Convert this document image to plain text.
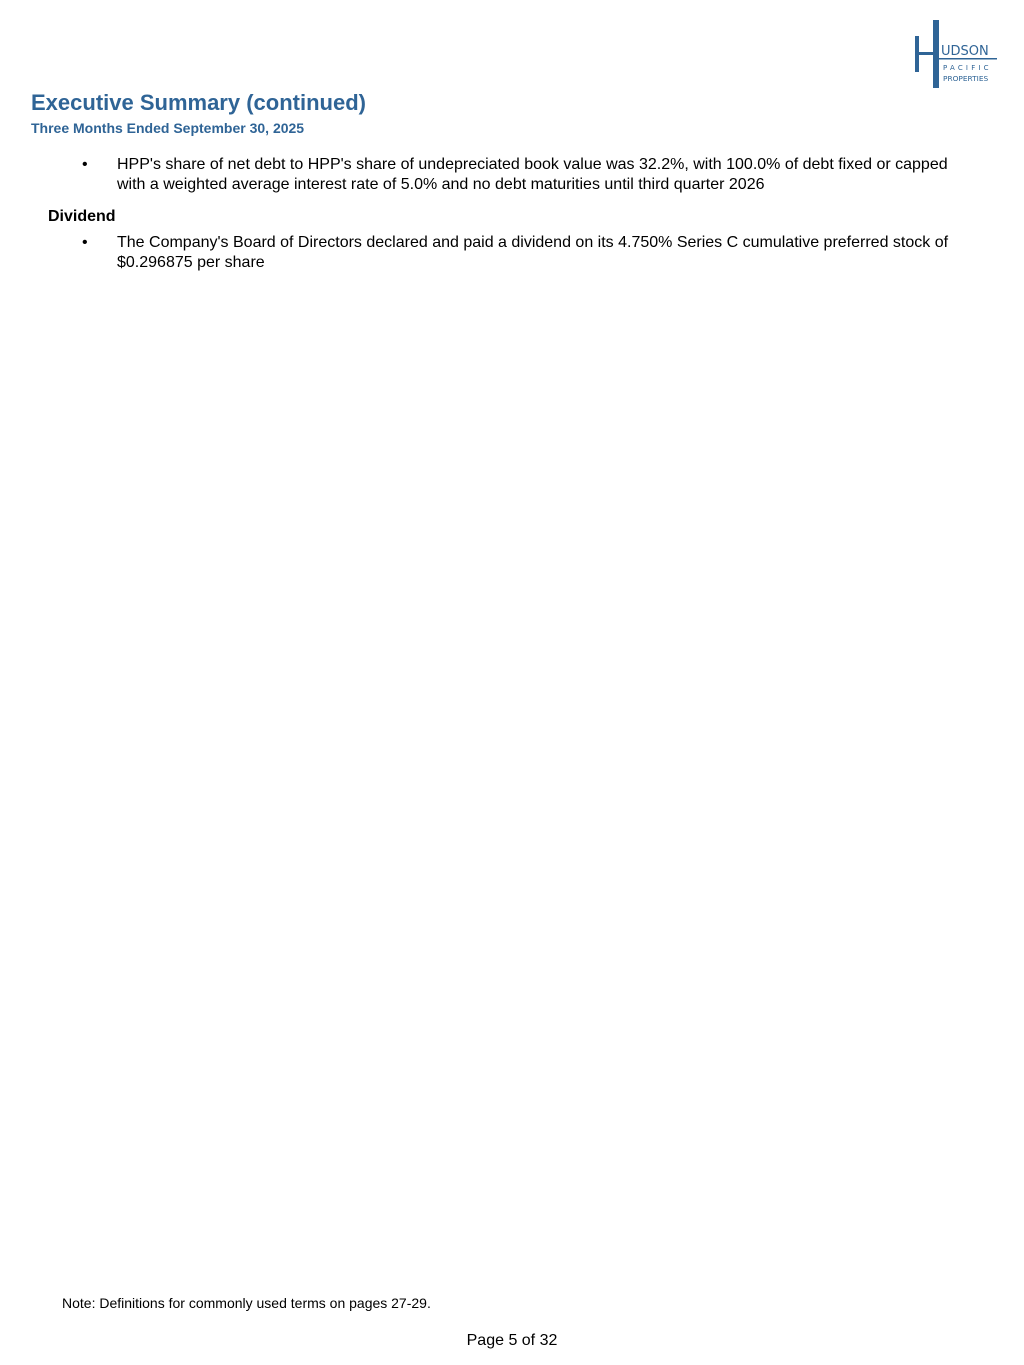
UDSON
PACIFIC
PROPERTIES
Executive Summary (continued)
Three Months Ended September 30, 2025
• HPP's share of net debt to HPP's share of undepreciated book value was 32.2%, with 100.0% of debt fixed or capped with a weighted average interest rate of 5.0% and no debt maturities until third quarter 2026
Dividend
• The Company's Board of Directors declared and paid a dividend on its 4.750% Series C cumulative preferred stock of $0.296875 per share
Note: Definitions for commonly used terms on pages 27-29.
Page 5 of 32
